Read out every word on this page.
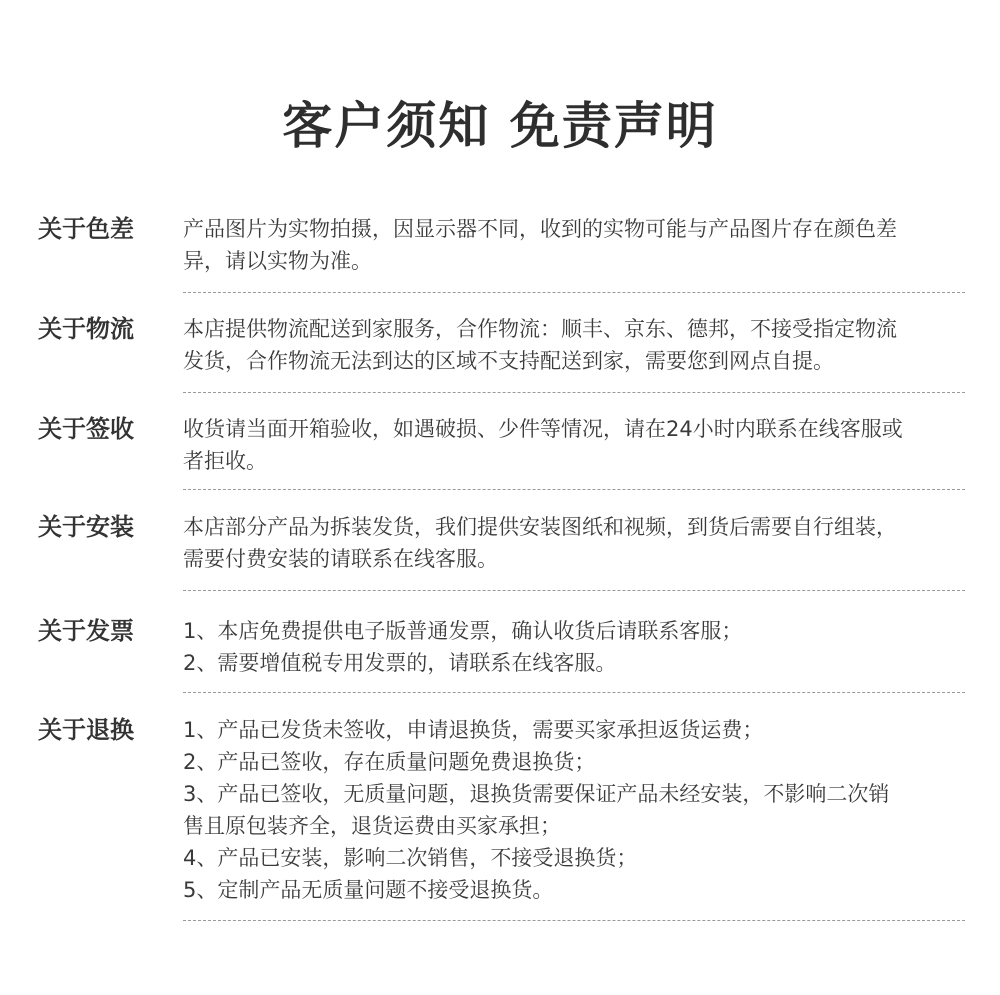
客户须知 免责声明
关于色差 产品图片为实物拍摄，因显示器不同，收到的实物可能与产品图片存在颜色差

异，请以实物为准。

关于物流 本店提供物流配送到家服务，合作物流：顺丰、京东、德邦，不接受指定物流

发货，合作物流无法到达的区域不支持配送到家，需要您到网点自提。

关于签收 收货请当面开箱验收，如遇破损、少件等情况，请在24小时内联系在线客服或

者拒收。

关于安装 本店部分产品为拆装发货，我们提供安装图纸和视频，到货后需要自行组装，

需要付费安装的请联系在线客服。

关于发票 1、本店免费提供电子版普通发票，确认收货后请联系客服；

2、需要增值税专用发票的，请联系在线客服。

关于退换 1、产品已发货未签收，申请退换货，需要买家承担返货运费；

2、产品已签收，存在质量问题免费退换货；

3、产品已签收，无质量问题，退换货需要保证产品未经安装，不影响二次销

售且原包装齐全，退货运费由买家承担；

4、产品已安装，影响二次销售，不接受退换货；

5、定制产品无质量问题不接受退换货。
